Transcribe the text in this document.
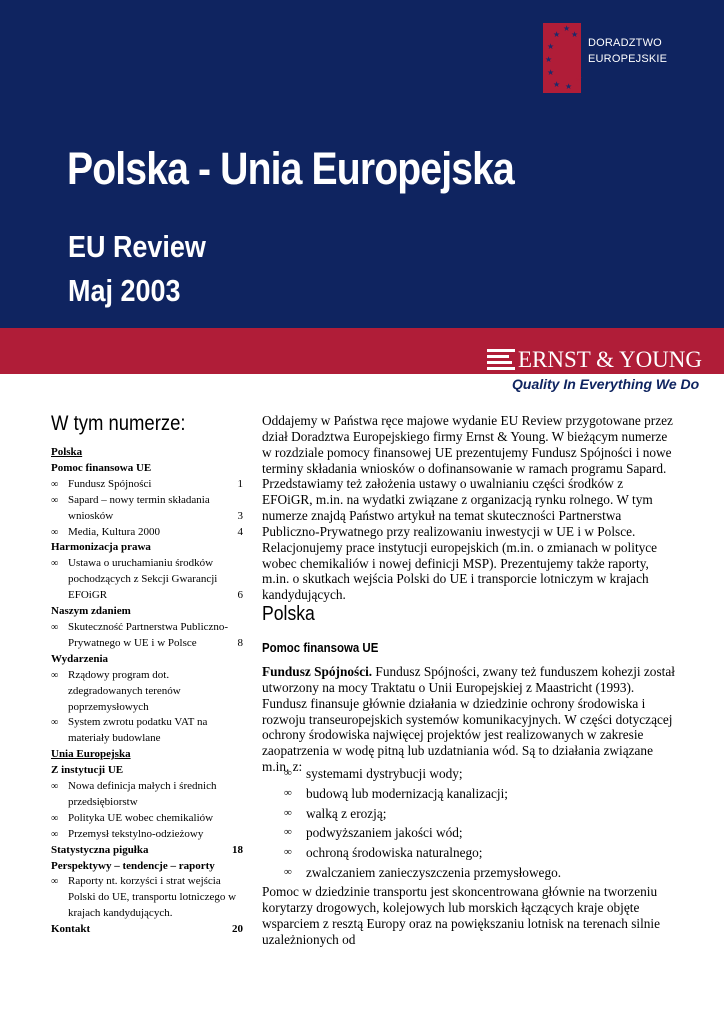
★
★
★
★
★
★
★ ★
★
DORADZTWO
EUROPEJSKIE
Polska - Unia Europejska
EU Review
Maj 2003
ERNST & YOUNG
Quality In Everything We Do
W tym numerze:
Polska
Pomoc finansowa UE
∞ Fundusz Spójności	1
∞ Sapard – nowy termin składania
wniosków	3
∞ Media, Kultura 2000	4
Harmonizacja prawa
∞ Ustawa o uruchamianiu środków
pochodzących z Sekcji Gwarancji
EFOiGR	6
Naszym zdaniem
∞ Skuteczność Partnerstwa Publiczno-
Prywatnego w UE i w Polsce	8
Wydarzenia
∞ Rządowy program dot.
zdegradowanych terenów
poprzemysłowych
∞ System zwrotu podatku VAT na
materiały budowlane
Unia Europejska
Z instytucji UE
∞ Nowa definicja małych i średnich
przedsiębiorstw
∞ Polityka UE wobec chemikaliów
∞ Przemysł tekstylno-odzieżowy
Statystyczna pigułka	18
Perspektywy – tendencje – raporty
∞ Raporty nt. korzyści i strat wejścia
Polski do UE, transportu lotniczego w
krajach kandydujących.
Kontakt	20
Oddajemy w Państwa ręce majowe wydanie EU Review przygotowane przez dział Doradztwa Europejskiego firmy Ernst & Young. W bieżącym numerze w rozdziale pomocy finansowej UE prezentujemy Fundusz Spójności i nowe terminy składania wniosków o dofinansowanie w ramach programu Sapard. Przedstawiamy też założenia ustawy o uwalnianiu części środków z EFOiGR, m.in. na wydatki związane z organizacją rynku rolnego. W tym numerze znajdą Państwo artykuł na temat skuteczności Partnerstwa Publiczno-Prywatnego przy realizowaniu inwestycji w UE i w Polsce. Relacjonujemy prace instytucji europejskich (m.in. o zmianach w polityce wobec chemikaliów i nowej definicji MSP). Prezentujemy także raporty, m.in. o skutkach wejścia Polski do UE i transporcie lotniczym w krajach kandydujących.
Polska
Pomoc finansowa UE
Fundusz Spójności. Fundusz Spójności, zwany też funduszem kohezji został utworzony na mocy Traktatu o Unii Europejskiej z Maastricht (1993). Fundusz finansuje głównie działania w dziedzinie ochrony środowiska i rozwoju transeuropejskich systemów komunikacyjnych. W części dotyczącej ochrony środowiska najwięcej projektów jest realizowanych w zakresie zaopatrzenia w wodę pitną lub uzdatniania wód. Są to działania związane m.in. z: ∞ systemami dystrybucji wody;
∞ budową lub modernizacją kanalizacji;
∞ walką z erozją;
∞ podwyższaniem jakości wód;
∞ ochroną środowiska naturalnego;
∞ zwalczaniem zanieczyszczenia przemysłowego.
Pomoc w dziedzinie transportu jest skoncentrowana głównie na tworzeniu korytarzy drogowych, kolejowych lub morskich łączących kraje objęte wsparciem z resztą Europy oraz na powiększaniu lotnisk na terenach silnie uzależnionych od
